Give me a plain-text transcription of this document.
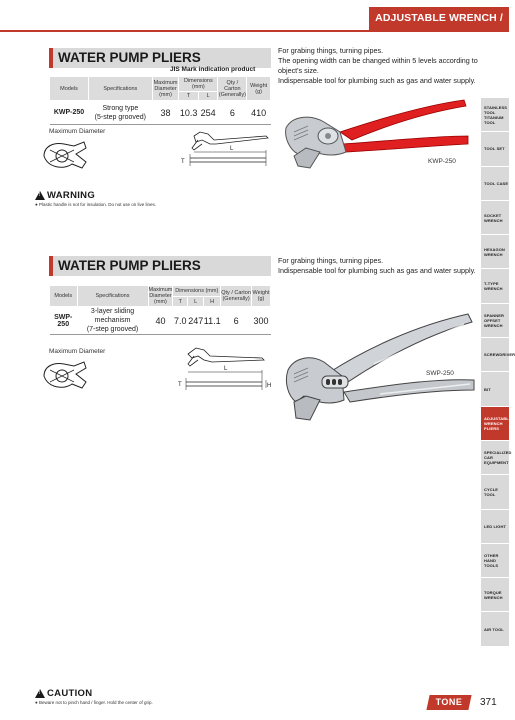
ADJUSTABLE WRENCH / PLIERS
WATER PUMP PLIERS
JIS Mark indication product
Models	Specifications	Maximum Diameter (mm)	Dimensions (mm)		Qty / Carton (Generally)	Weight (g)
			T	L		
KWP-250	Strong type
(5-step grooved)	38	10.3	254	6	410
For grabing things, turning pipes.
The opening width can be changed within 5 levels according to
object's size.
Indispensable tool for plumbing such as gas and water supply.
Maximum Diameter
L
T	KWP-250
!
WARNING
● Plastic handle is not for insulation. Do not use on live lines.
WATER PUMP PLIERS
Models	Specifications	Maximum Diameter (mm)	Dimensions (mm)			Qty / Carton (Generally)	Weight (g)
			T	L	H		
SWP-250	3-layer sliding mechanism
(7-step grooved)	40	7.0	247	11.1	6	300
For grabing things, turning pipes.
Indispensable tool for plumbing such as gas and water supply.
Maximum Diameter
L
T	H
SWP-250
!
CAUTION
● Beware not to pinch hand / finger. Hold the center of grip.
STAINLESS TOOL
TITANIUM TOOL
TOOL SET
TOOL CASE
SOCKET
WRENCH
HEXAGON
WRENCH
T-TYPE
WRENCH
SPANNER
OFFSET WRENCH
SCREWDRIVER
BIT
ADJUSTABLE
WRENCH
PLIERS
SPECIALIZED
CAR EQUIPMENT
CYCLE TOOL
LED LIGHT
OTHER HAND
TOOLS
TORQUE
WRENCH
AIR TOOL
TONE	371
